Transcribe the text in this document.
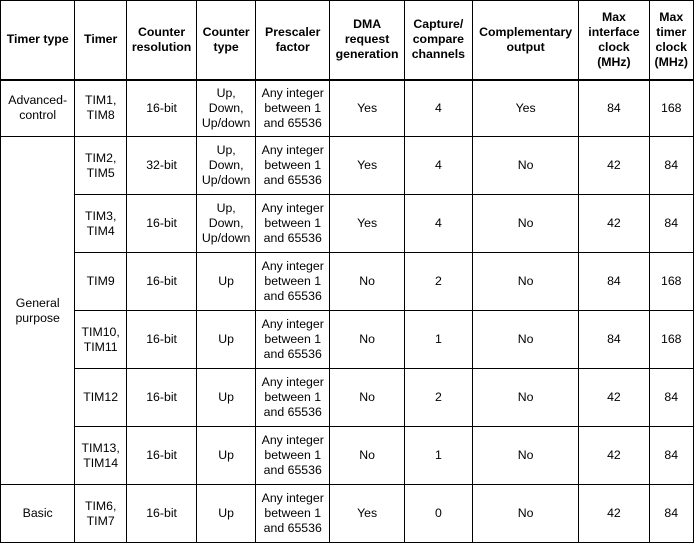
Timer type	Timer	Counter
resolution	Counter
type	Prescaler
factor	DMA
request
generation	Capture/
compare
channels	Complementary
output	Max
interface
clock
(MHz)	Max
timer
clock
(MHz)
Advanced-
control	TIM1,
TIM8	16-bit	Up,
Down,
Up/down	Any integer
between 1
and 65536	Yes	4	Yes	84	168
General
purpose	TIM2,
TIM5	32-bit	Up,
Down,
Up/down	Any integer
between 1
and 65536	Yes	4	No	42	84
	TIM3,
TIM4	16-bit	Up,
Down,
Up/down	Any integer
between 1
and 65536	Yes	4	No	42	84
	TIM9	16-bit	Up	Any integer
between 1
and 65536	No	2	No	84	168
	TIM10,
TIM11	16-bit	Up	Any integer
between 1
and 65536	No	1	No	84	168
	TIM12	16-bit	Up	Any integer
between 1
and 65536	No	2	No	42	84
	TIM13,
TIM14	16-bit	Up	Any integer
between 1
and 65536	No	1	No	42	84
Basic	TIM6,
TIM7	16-bit	Up	Any integer
between 1
and 65536	Yes	0	No	42	84
